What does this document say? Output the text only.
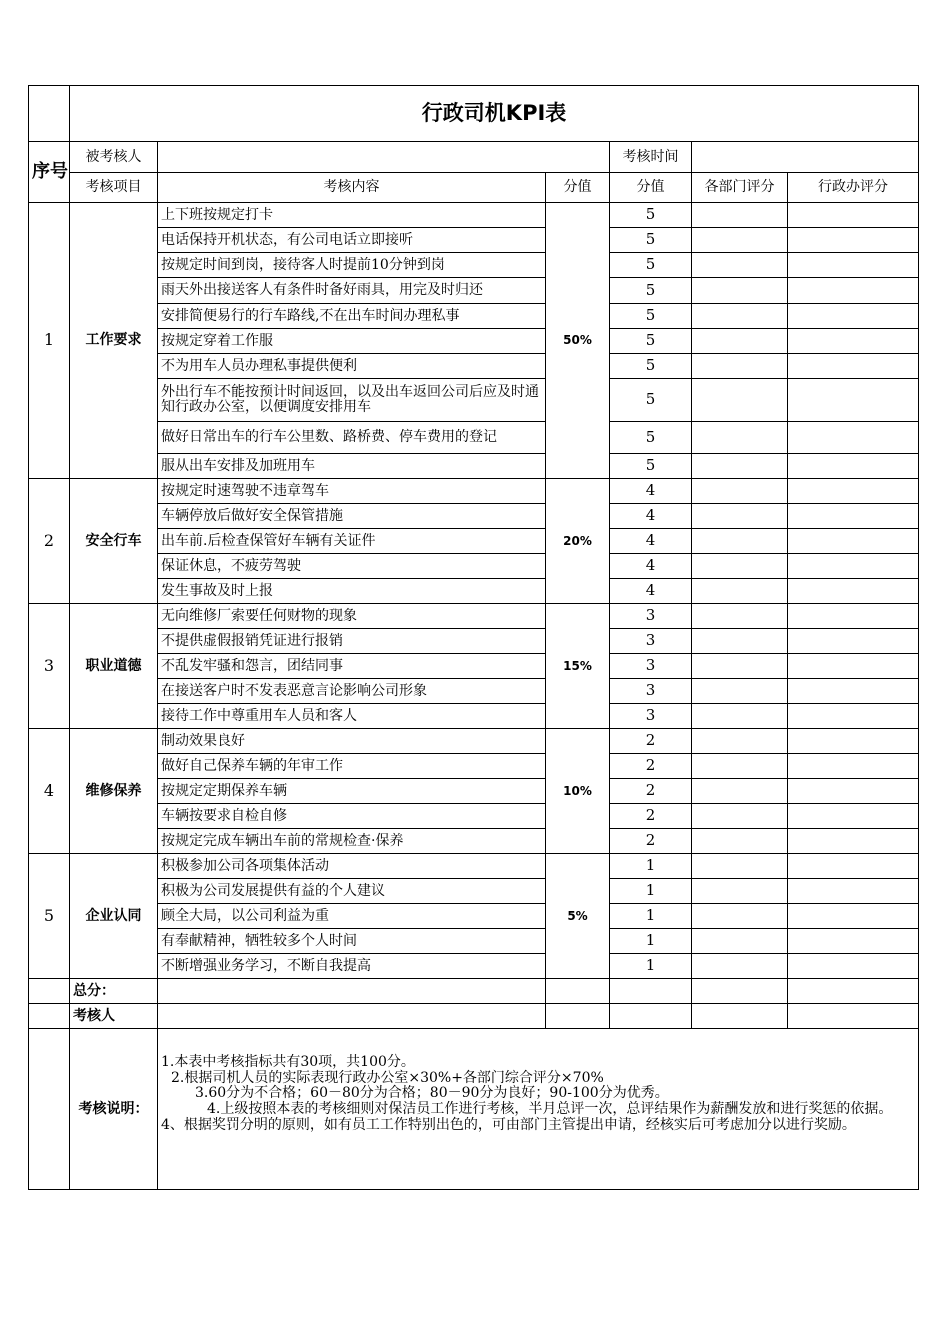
	行政司机KPI表					
序号	被考核人			考核时间		
	考核项目	考核内容	分值	分值	各部门评分	行政办评分
1	工作要求	上下班按规定打卡	50%	5		
		电话保持开机状态，有公司电话立即接听		5		
		按规定时间到岗，接待客人时提前10分钟到岗		5		
		雨天外出接送客人有条件时备好雨具，用完及时归还		5		
		安排简便易行的行车路线,不在出车时间办理私事		5		
		按规定穿着工作服		5		
		不为用车人员办理私事提供便利		5		
		外出行车不能按预计时间返回，以及出车返回公司后应及时通知行政办公室，以便调度安排用车		5		
		做好日常出车的行车公里数、路桥费、停车费用的登记		5		
		服从出车安排及加班用车		5		
2	安全行车	按规定时速驾驶不违章驾车	20%	4		
		车辆停放后做好安全保管措施		4		
		出车前.后检查保管好车辆有关证件		4		
		保证休息，不疲劳驾驶		4		
		发生事故及时上报		4		
3	职业道德	无向维修厂索要任何财物的现象	15%	3		
		不提供虚假报销凭证进行报销		3		
		不乱发牢骚和怨言，团结同事		3		
		在接送客户时不发表恶意言论影响公司形象		3		
		接待工作中尊重用车人员和客人		3		
4	维修保养	制动效果良好	10%	2		
		做好自己保养车辆的年审工作		2		
		按规定定期保养车辆		2		
		车辆按要求自检自修		2		
		按规定完成车辆出车前的常规检查·保养		2		
5	企业认同	积极参加公司各项集体活动	5%	1		
		积极为公司发展提供有益的个人建议		1		
		顾全大局，以公司利益为重		1		
		有奉献精神，牺牲较多个人时间		1		
		不断增强业务学习，不断自我提高		1		
	总分：					
	考核人					
	考核说明：	1.本表中考核指标共有30项，共100分。
2.根据司机人员的实际表现行政办公室×30%+各部门综合评分×70%
3.60分为不合格；60－80分为合格；80－90分为良好；90-100分为优秀。
4.上级按照本表的考核细则对保洁员工作进行考核，半月总评一次，总评结果作为薪酬发放和进行奖惩的依据。
4、根据奖罚分明的原则，如有员工工作特别出色的，可由部门主管提出申请，经核实后可考虑加分以进行奖励。				
